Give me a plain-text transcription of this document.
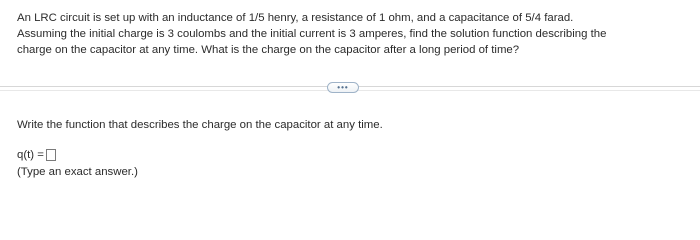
An LRC circuit is set up with an inductance of 1/5 henry, a resistance of 1 ohm, and a capacitance of 5/4 farad.
Assuming the initial charge is 3 coulombs and the initial current is 3 amperes, find the solution function describing the
charge on the capacitor at any time. What is the charge on the capacitor after a long period of time?

•••
Write the function that describes the charge on the capacitor at any time.
q(t) =
(Type an exact answer.)
